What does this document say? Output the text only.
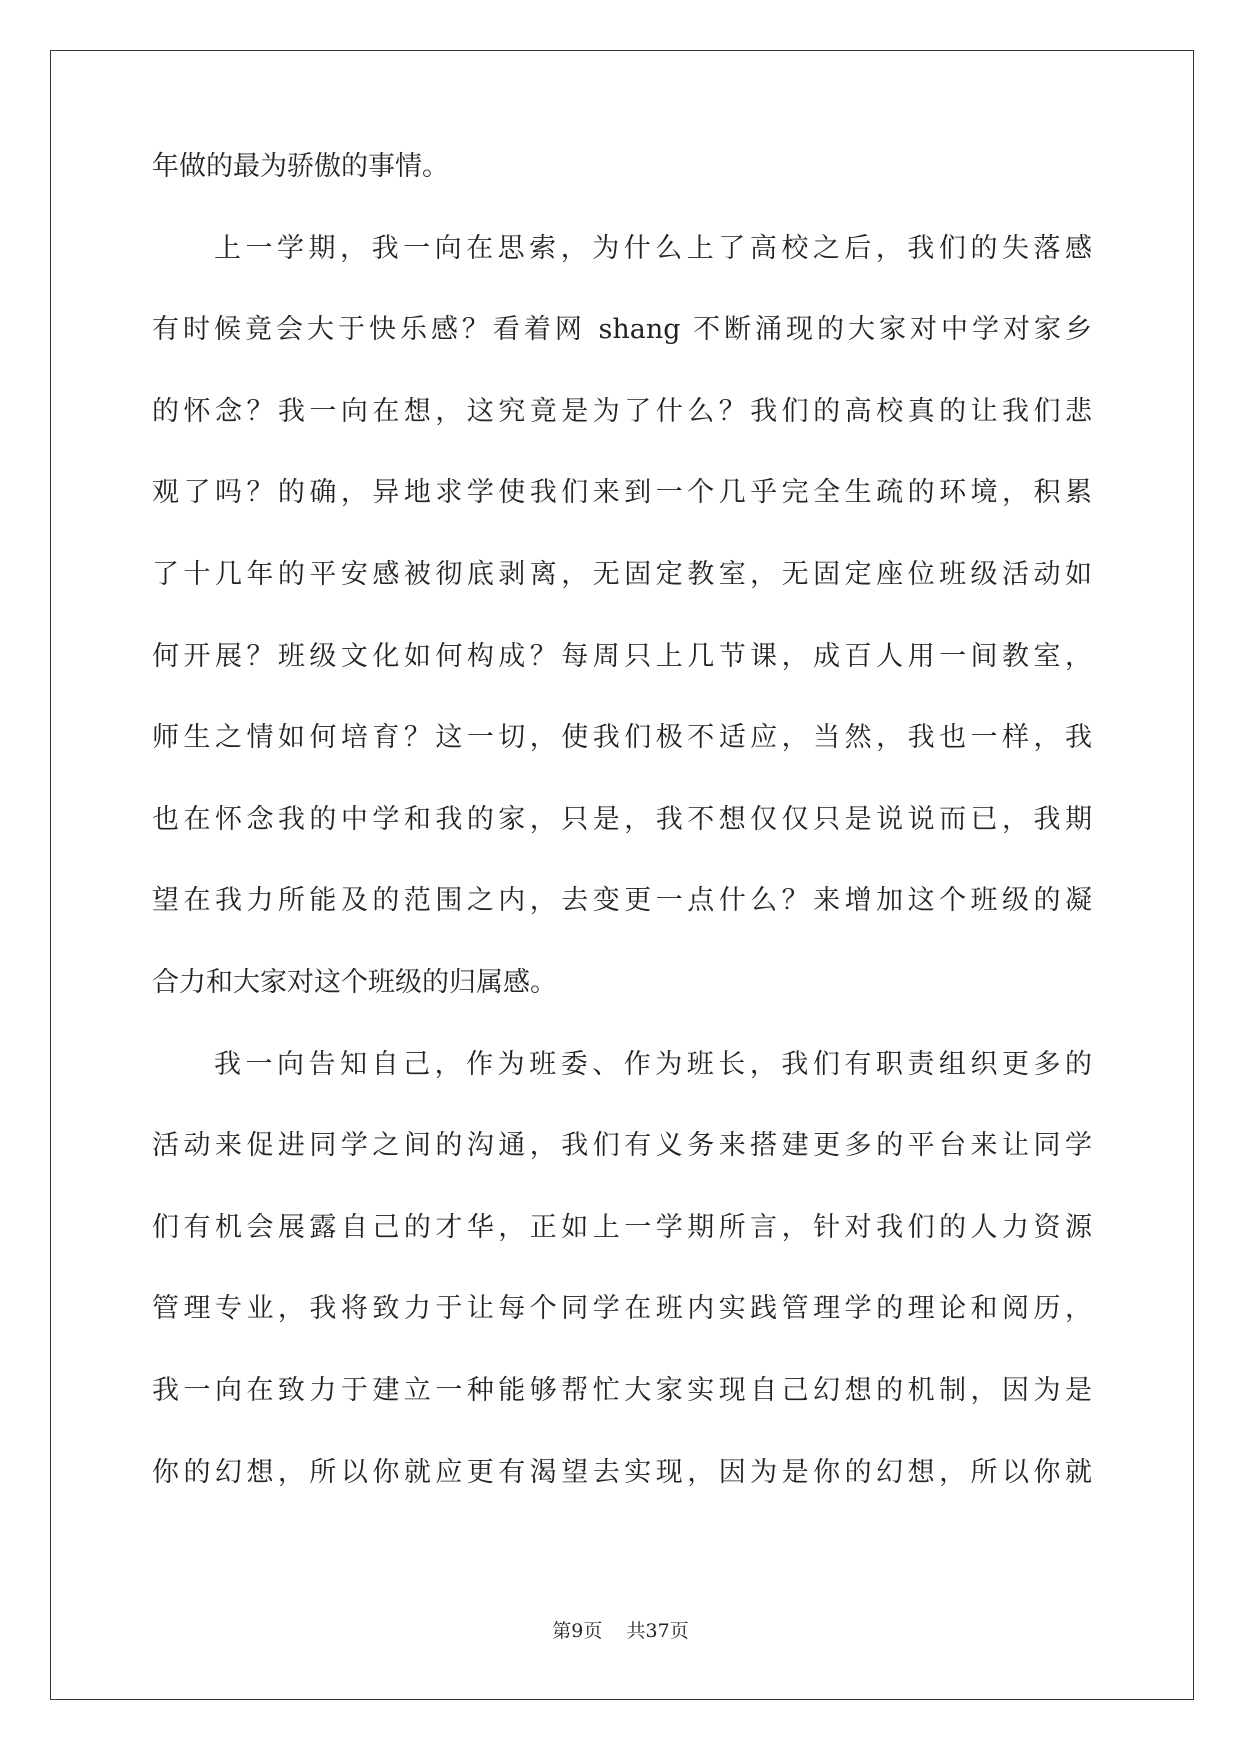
年做的最为骄傲的事情。
上一学期，我一向在思索，为什么上了高校之后，我们的失落感
有时候竟会大于快乐感？看着网 shang 不断涌现的大家对中学对家乡
的怀念？我一向在想，这究竟是为了什么？我们的高校真的让我们悲
观了吗？的确，异地求学使我们来到一个几乎完全生疏的环境，积累
了十几年的平安感被彻底剥离，无固定教室，无固定座位班级活动如
何开展？班级文化如何构成？每周只上几节课，成百人用一间教室，
师生之情如何培育？这一切，使我们极不适应，当然，我也一样，我
也在怀念我的中学和我的家，只是，我不想仅仅只是说说而已，我期
望在我力所能及的范围之内，去变更一点什么？来增加这个班级的凝
合力和大家对这个班级的归属感。
我一向告知自己，作为班委、作为班长，我们有职责组织更多的
活动来促进同学之间的沟通，我们有义务来搭建更多的平台来让同学
们有机会展露自己的才华，正如上一学期所言，针对我们的人力资源
管理专业，我将致力于让每个同学在班内实践管理学的理论和阅历，
我一向在致力于建立一种能够帮忙大家实现自己幻想的机制，因为是
你的幻想，所以你就应更有渴望去实现，因为是你的幻想，所以你就
第9页 共37页
